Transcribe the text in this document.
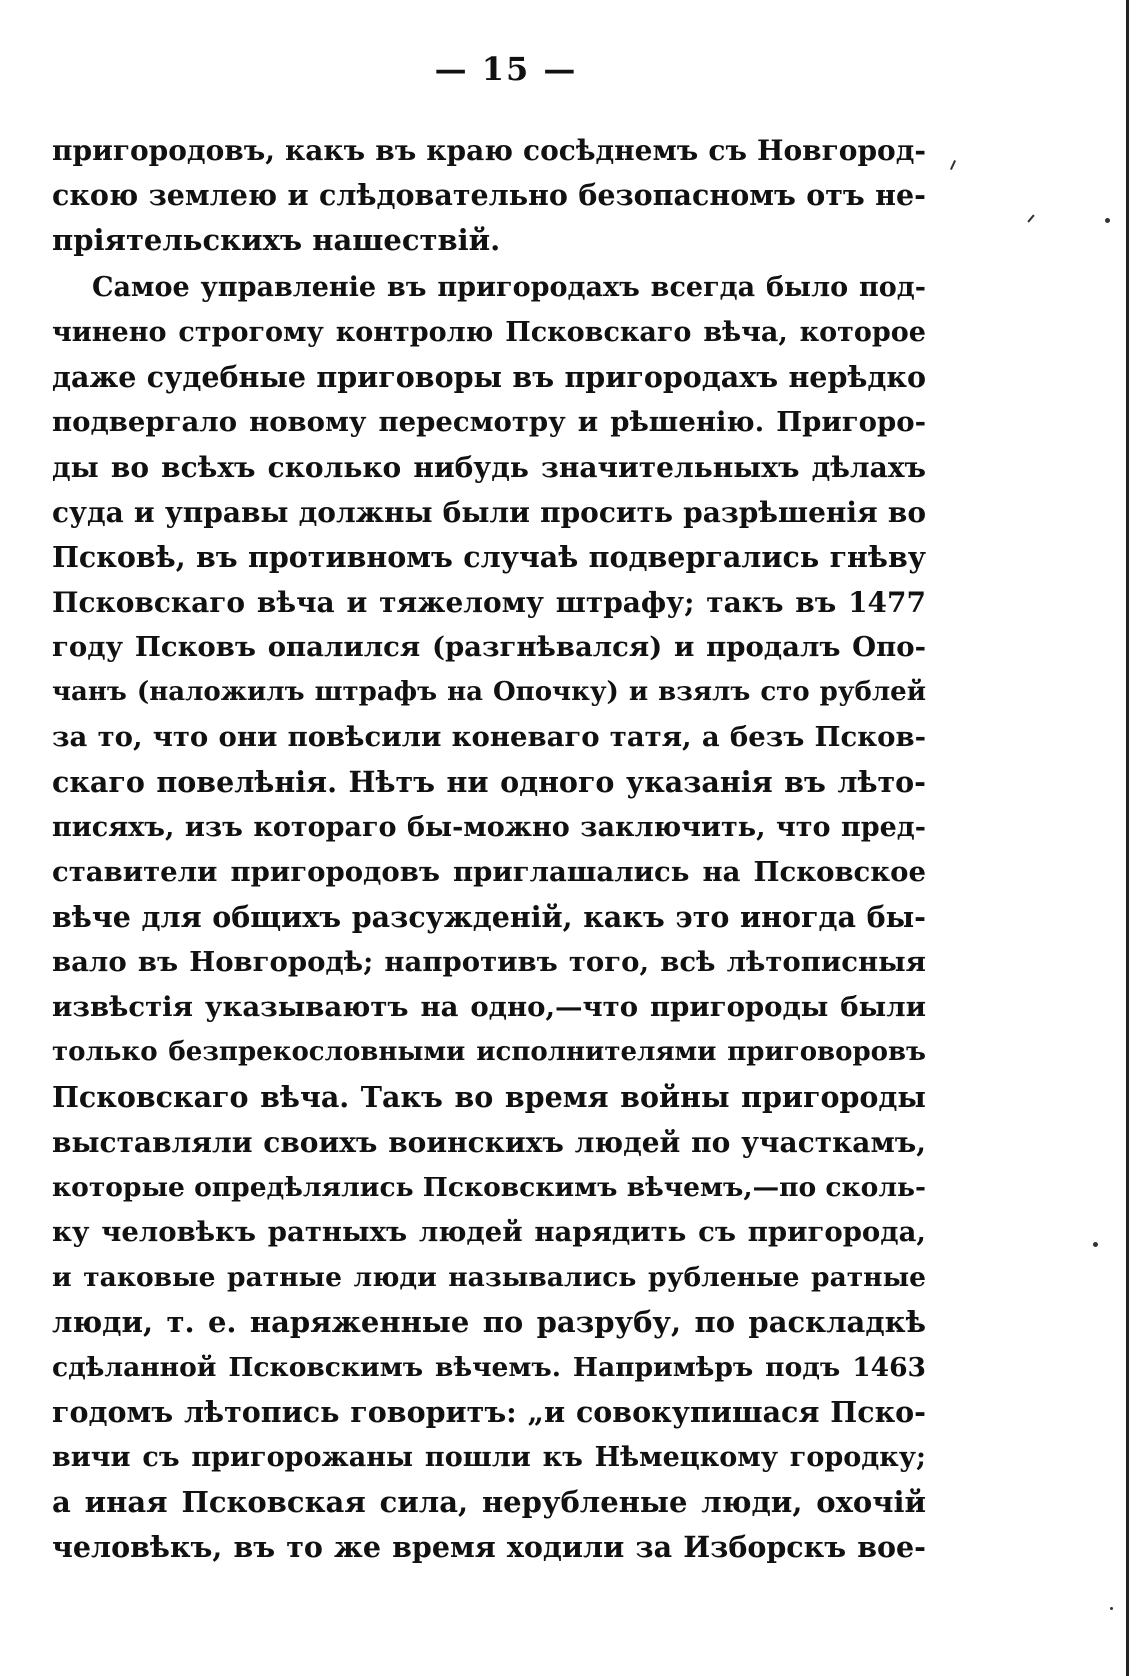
— 15 —
пригородовъ, какъ въ краю сосѣднемъ съ Новгород-
скою землею и слѣдовательно безопасномъ отъ не-
пріятельскихъ нашествій.
Самое управленіе въ пригородахъ всегда было под-
чинено строгому контролю Псковскаго вѣча, которое
даже судебные приговоры въ пригородахъ нерѣдко
подвергало новому пересмотру и рѣшенію. Пригоро-
ды во всѣхъ сколько нибудь значительныхъ дѣлахъ
суда и управы должны были просить разрѣшенія во
Псковѣ, въ противномъ случаѣ подвергались гнѣву
Псковскаго вѣча и тяжелому штрафу; такъ въ 1477
году Псковъ опалился (разгнѣвался) и продалъ Опо-
чанъ (наложилъ штрафъ на Опочку) и взялъ сто рублей
за то, что они повѣсили коневаго татя, а безъ Псков-
скаго повелѣнія. Нѣтъ ни одного указанія въ лѣто-
писяхъ, изъ котораго бы-можно заключить, что пред-
ставители пригородовъ приглашались на Псковское
вѣче для общихъ разсужденій, какъ это иногда бы-
вало въ Новгородѣ; напротивъ того, всѣ лѣтописныя
извѣстія указываютъ на одно,—что пригороды были
только безпрекословными исполнителями приговоровъ
Псковскаго вѣча. Такъ во время войны пригороды
выставляли своихъ воинскихъ людей по участкамъ,
которые опредѣлялись Псковскимъ вѣчемъ,—по сколь-
ку человѣкъ ратныхъ людей нарядить съ пригорода,
и таковые ратные люди назывались рубленые ратные
люди, т. е. наряженные по разрубу, по раскладкѣ
сдѣланной Псковскимъ вѣчемъ. Напримѣръ подъ 1463
годомъ лѣтопись говоритъ: „и совокупишася Пско-
вичи съ пригорожаны пошли къ Нѣмецкому городку;
а иная Псковская сила, нерубленые люди, охочій
человѣкъ, въ то же время ходили за Изборскъ вое-
